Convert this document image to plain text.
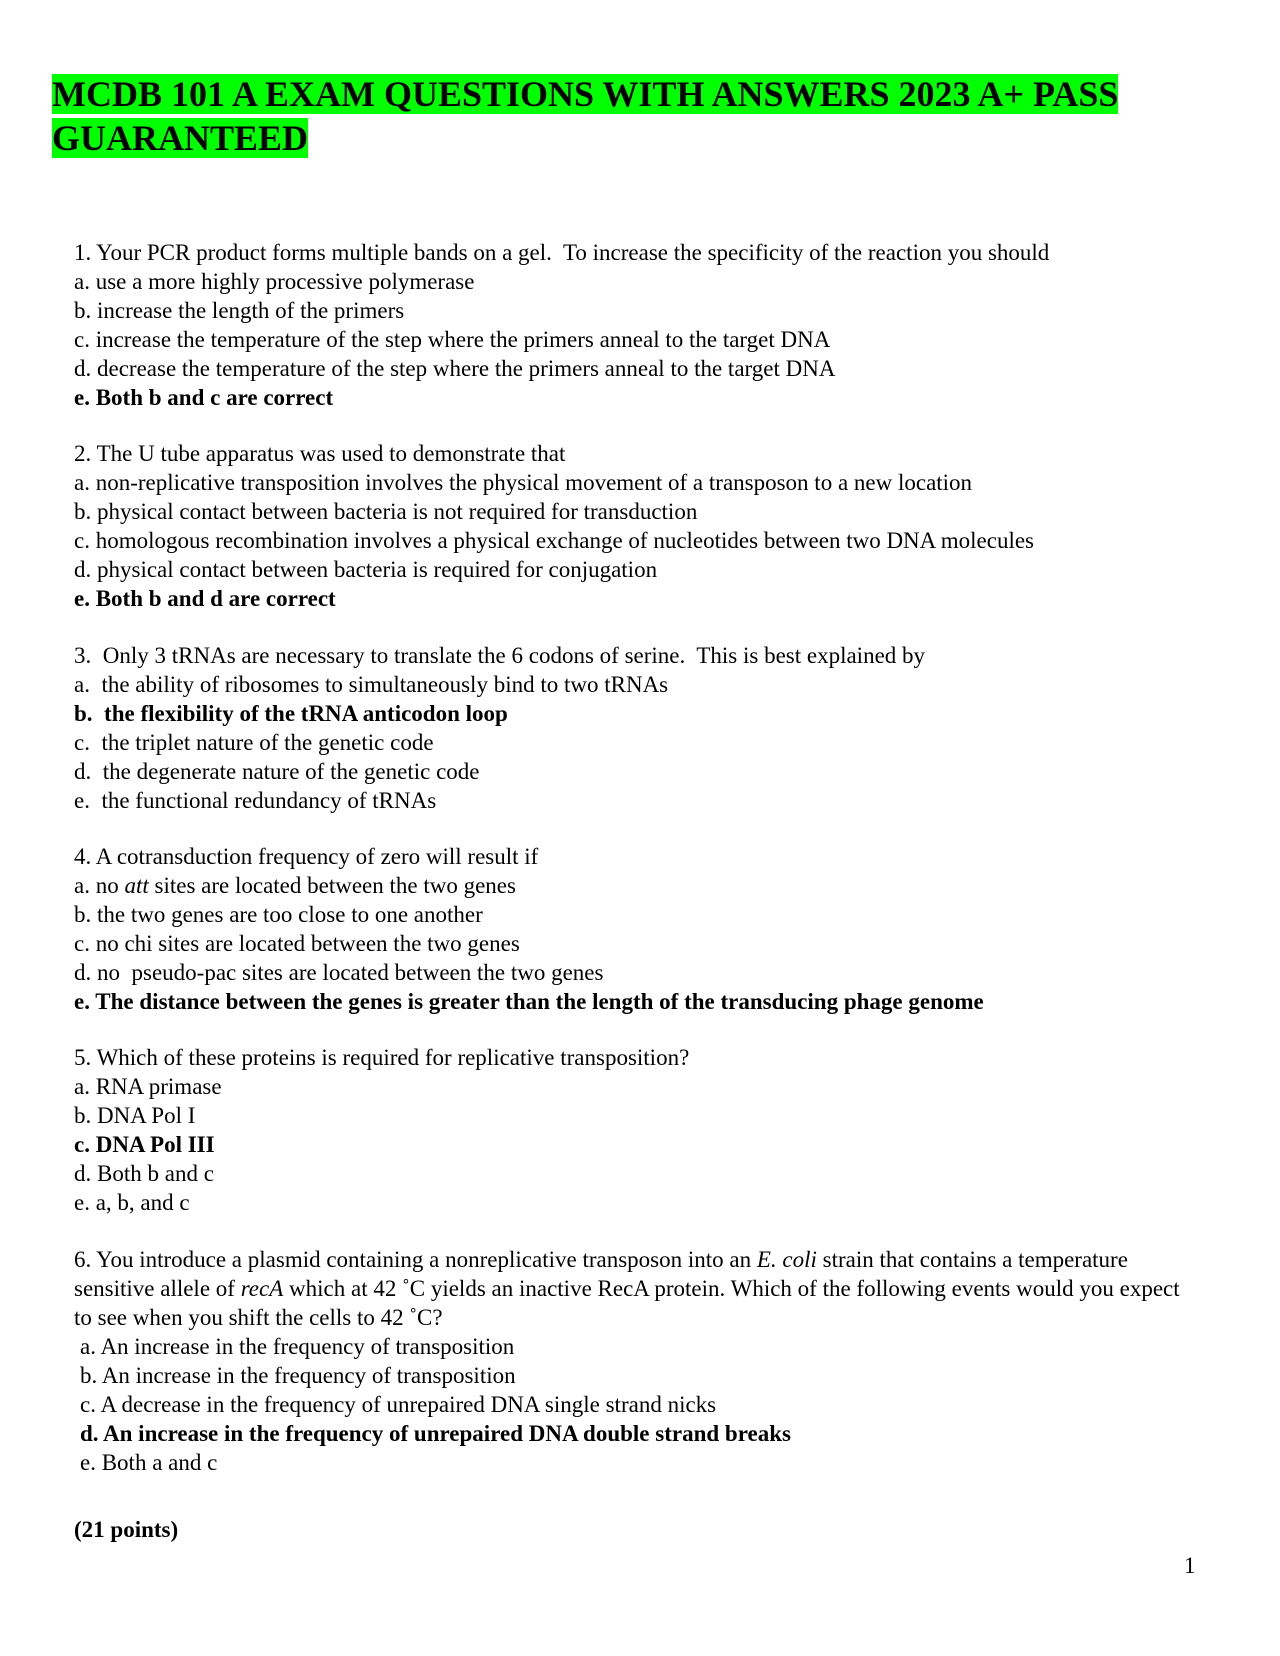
MCDB 101 A EXAM QUESTIONS WITH ANSWERS 2023 A+ PASS GUARANTEED
1. Your PCR product forms multiple bands on a gel.  To increase the specificity of the reaction you should
a. use a more highly processive polymerase
b. increase the length of the primers
c. increase the temperature of the step where the primers anneal to the target DNA
d. decrease the temperature of the step where the primers anneal to the target DNA
e. Both b and c are correct
2. The U tube apparatus was used to demonstrate that
a. non-replicative transposition involves the physical movement of a transposon to a new location
b. physical contact between bacteria is not required for transduction
c. homologous recombination involves a physical exchange of nucleotides between two DNA molecules
d. physical contact between bacteria is required for conjugation
e. Both b and d are correct
3.  Only 3 tRNAs are necessary to translate the 6 codons of serine.  This is best explained by
a.  the ability of ribosomes to simultaneously bind to two tRNAs
b.  the flexibility of the tRNA anticodon loop
c.  the triplet nature of the genetic code
d.  the degenerate nature of the genetic code
e.  the functional redundancy of tRNAs
4. A cotransduction frequency of zero will result if
a. no att sites are located between the two genes
b. the two genes are too close to one another
c. no chi sites are located between the two genes
d. no  pseudo-pac sites are located between the two genes
e. The distance between the genes is greater than the length of the transducing phage genome
5. Which of these proteins is required for replicative transposition?
a. RNA primase
b. DNA Pol I
c. DNA Pol III
d. Both b and c
e. a, b, and c
6. You introduce a plasmid containing a nonreplicative transposon into an E. coli strain that contains a temperature sensitive allele of recA which at 42 ˚C yields an inactive RecA protein. Which of the following events would you expect to see when you shift the cells to 42 ˚C?
a. An increase in the frequency of transposition
b. An increase in the frequency of transposition
c. A decrease in the frequency of unrepaired DNA single strand nicks
d. An increase in the frequency of unrepaired DNA double strand breaks
e. Both a and c
(21 points)
1
